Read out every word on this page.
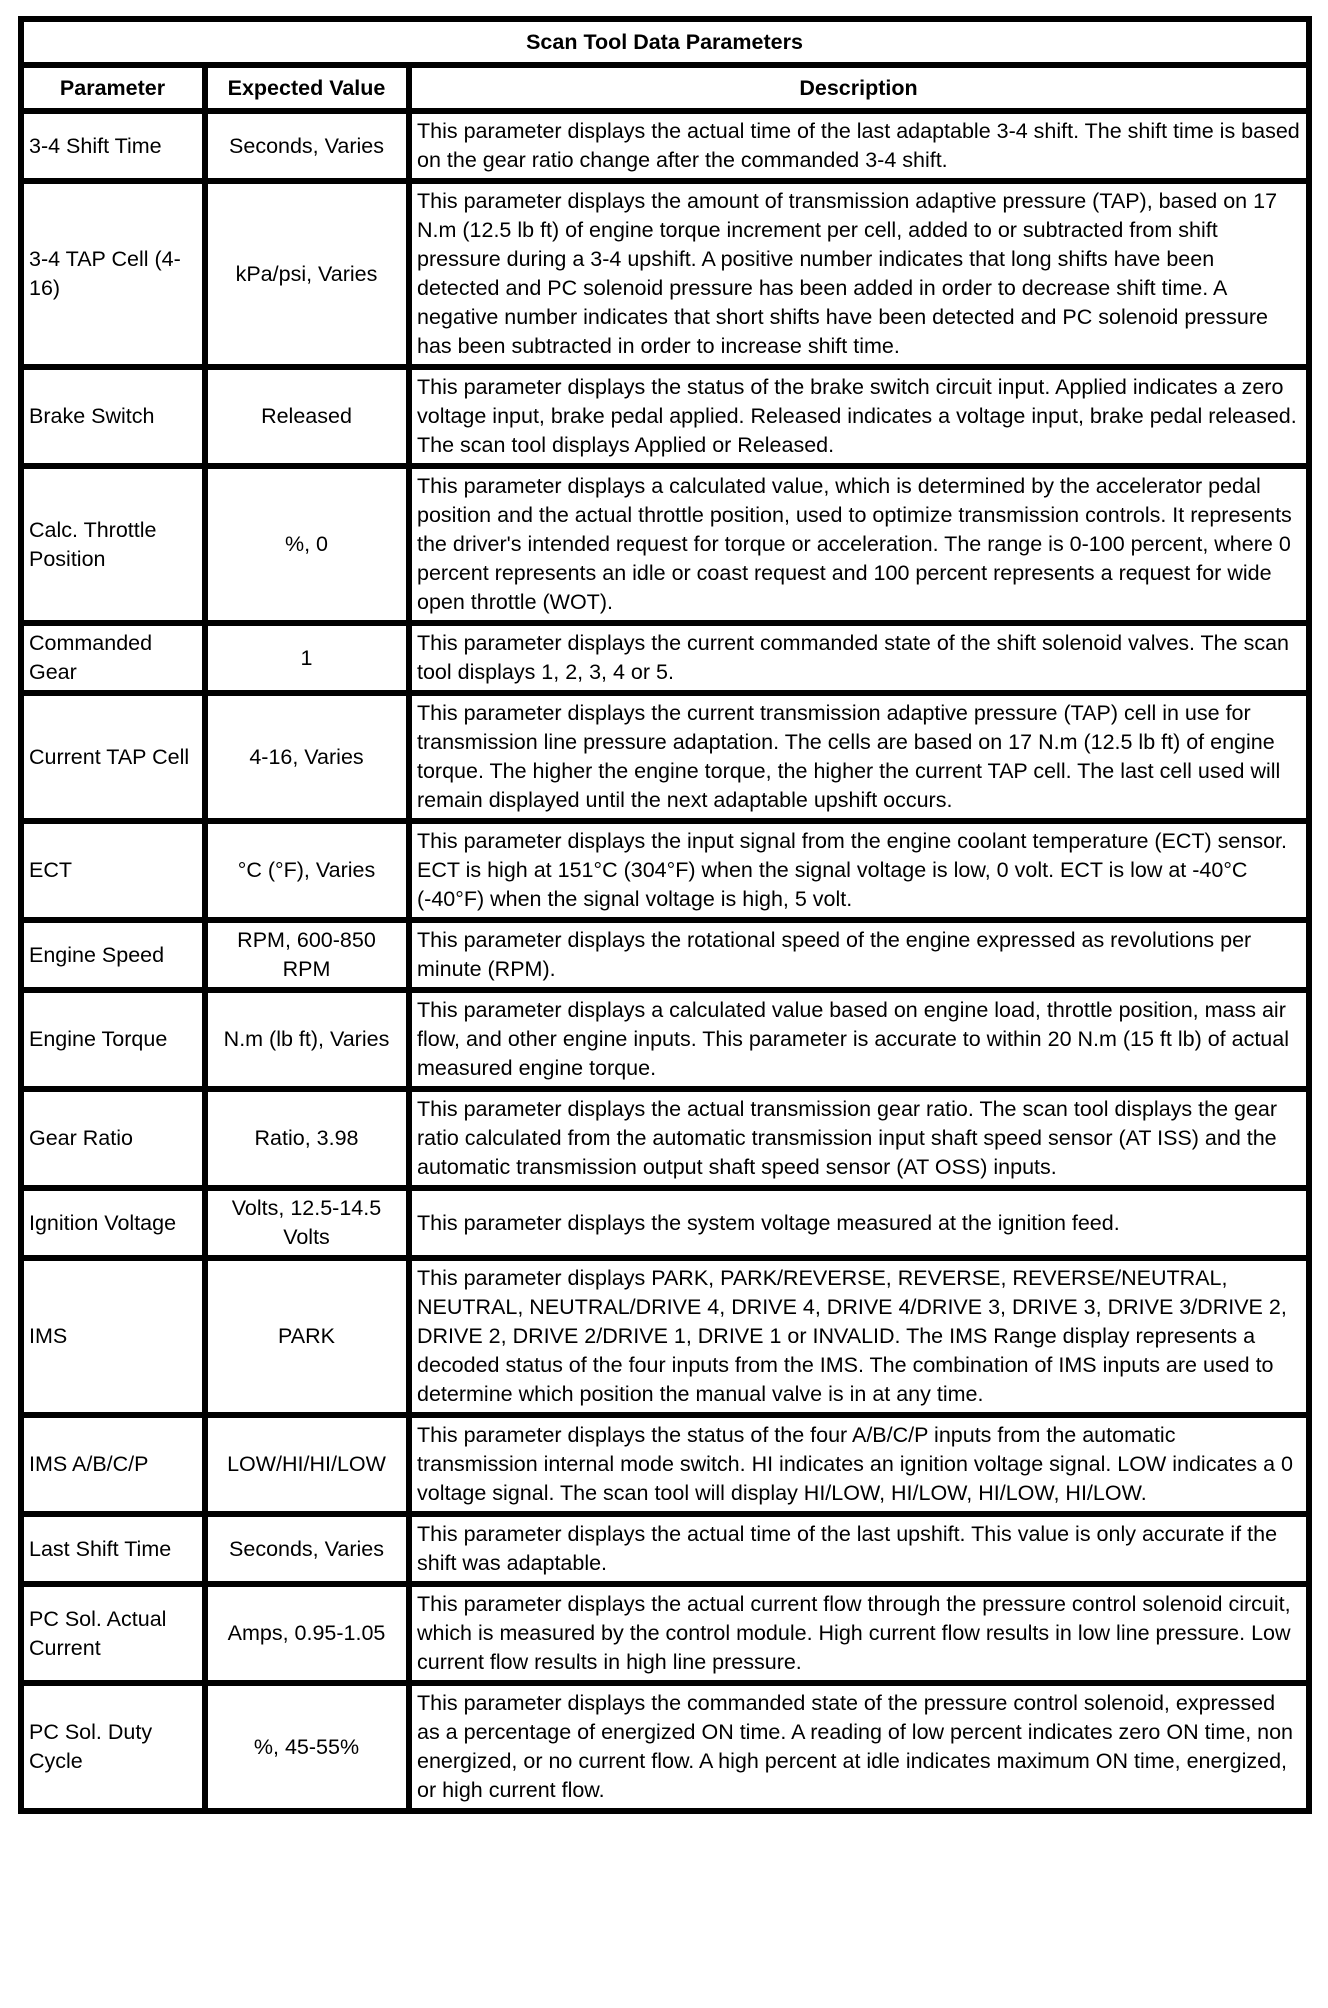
Scan Tool Data Parameters		
Parameter	Expected Value	Description
3-4 Shift Time	Seconds, Varies	This parameter displays the actual time of the last adaptable 3-4 shift. The shift time is based on the gear ratio change after the commanded 3-4 shift.
3-4 TAP Cell (4-16)	kPa/psi, Varies	This parameter displays the amount of transmission adaptive pressure (TAP), based on 17 N.m (12.5 lb ft) of engine torque increment per cell, added to or subtracted from shift pressure during a 3-4 upshift. A positive number indicates that long shifts have been detected and PC solenoid pressure has been added in order to decrease shift time. A negative number indicates that short shifts have been detected and PC solenoid pressure has been subtracted in order to increase shift time.
Brake Switch	Released	This parameter displays the status of the brake switch circuit input. Applied indicates a zero voltage input, brake pedal applied. Released indicates a voltage input, brake pedal released. The scan tool displays Applied or Released.
Calc. Throttle Position	%, 0	This parameter displays a calculated value, which is determined by the accelerator pedal position and the actual throttle position, used to optimize transmission controls. It represents the driver's intended request for torque or acceleration. The range is 0-100 percent, where 0 percent represents an idle or coast request and 100 percent represents a request for wide open throttle (WOT).
Commanded Gear	1	This parameter displays the current commanded state of the shift solenoid valves. The scan tool displays 1, 2, 3, 4 or 5.
Current TAP Cell	4-16, Varies	This parameter displays the current transmission adaptive pressure (TAP) cell in use for transmission line pressure adaptation. The cells are based on 17 N.m (12.5 lb ft) of engine torque. The higher the engine torque, the higher the current TAP cell. The last cell used will remain displayed until the next adaptable upshift occurs.
ECT	°C (°F), Varies	This parameter displays the input signal from the engine coolant temperature (ECT) sensor. ECT is high at 151°C (304°F) when the signal voltage is low, 0 volt. ECT is low at -40°C (-40°F) when the signal voltage is high, 5 volt.
Engine Speed	RPM, 600-850 RPM	This parameter displays the rotational speed of the engine expressed as revolutions per minute (RPM).
Engine Torque	N.m (lb ft), Varies	This parameter displays a calculated value based on engine load, throttle position, mass air flow, and other engine inputs. This parameter is accurate to within 20 N.m (15 ft lb) of actual measured engine torque.
Gear Ratio	Ratio, 3.98	This parameter displays the actual transmission gear ratio. The scan tool displays the gear ratio calculated from the automatic transmission input shaft speed sensor (AT ISS) and the automatic transmission output shaft speed sensor (AT OSS) inputs.
Ignition Voltage	Volts, 12.5-14.5 Volts	This parameter displays the system voltage measured at the ignition feed.
IMS	PARK	This parameter displays PARK, PARK/REVERSE, REVERSE, REVERSE/NEUTRAL, NEUTRAL, NEUTRAL/DRIVE 4, DRIVE 4, DRIVE 4/DRIVE 3, DRIVE 3, DRIVE 3/DRIVE 2, DRIVE 2, DRIVE 2/DRIVE 1, DRIVE 1 or INVALID. The IMS Range display represents a decoded status of the four inputs from the IMS. The combination of IMS inputs are used to determine which position the manual valve is in at any time.
IMS A/B/C/P	LOW/HI/HI/LOW	This parameter displays the status of the four A/B/C/P inputs from the automatic transmission internal mode switch. HI indicates an ignition voltage signal. LOW indicates a 0 voltage signal. The scan tool will display HI/LOW, HI/LOW, HI/LOW, HI/LOW.
Last Shift Time	Seconds, Varies	This parameter displays the actual time of the last upshift. This value is only accurate if the shift was adaptable.
PC Sol. Actual Current	Amps, 0.95-1.05	This parameter displays the actual current flow through the pressure control solenoid circuit, which is measured by the control module. High current flow results in low line pressure. Low current flow results in high line pressure.
PC Sol. Duty Cycle	%, 45-55%	This parameter displays the commanded state of the pressure control solenoid, expressed as a percentage of energized ON time. A reading of low percent indicates zero ON time, non energized, or no current flow. A high percent at idle indicates maximum ON time, energized, or high current flow.
